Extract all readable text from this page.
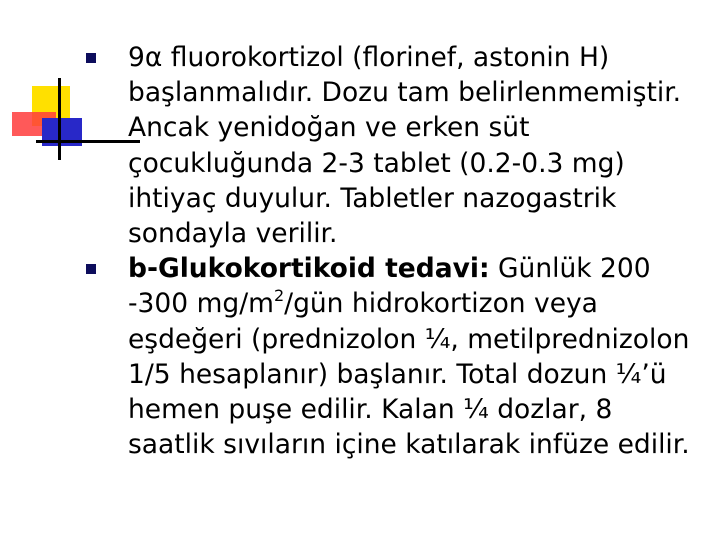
9α fluorokortizol (florinef, astonin H) başlanmalıdır. Dozu tam belirlenmemiştir. Ancak yenidoğan ve erken süt çocukluğunda 2-3 tablet (0.2-0.3 mg) ihtiyaç duyulur. Tabletler nazogastrik sondayla verilir.
b-Glukokortikoid tedavi: Günlük 200 -300 $mg/m^2$/gün hidrokortizon veya eşdeğeri (prednizolon ¼, metilprednizolon 1/5 hesaplanır) başlanır. Total dozun ¼’ü hemen puşe edilir. Kalan ¼ dozlar, 8 saatlik sıvıların içine katılarak infüze edilir.
